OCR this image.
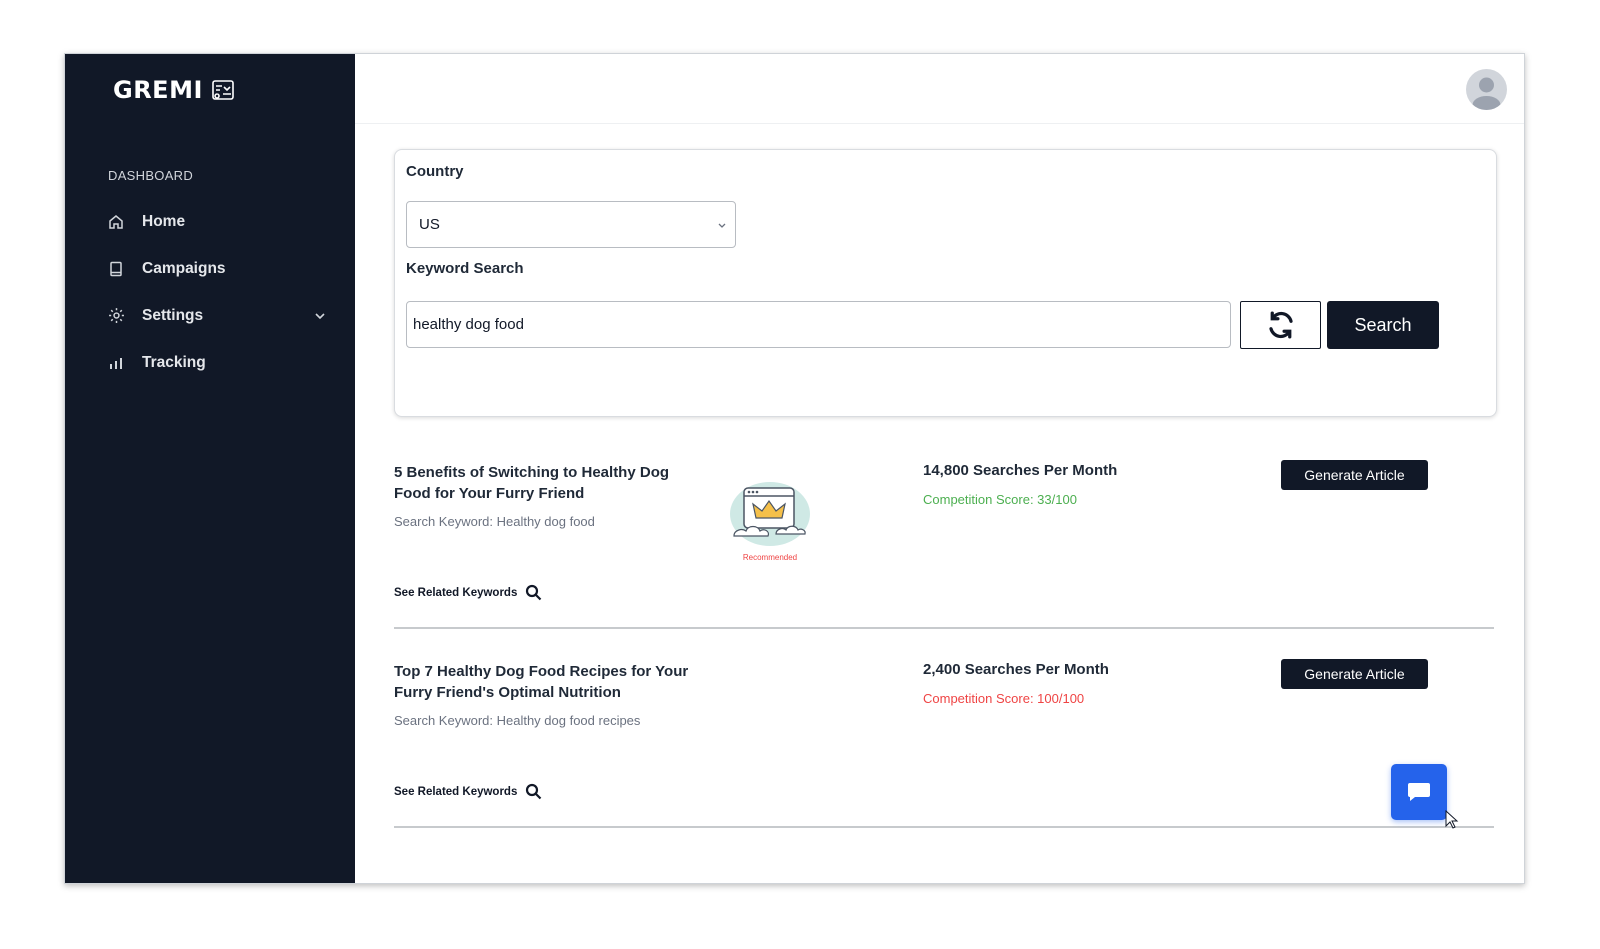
GREMI
DASHBOARD
Home
Campaigns
Settings
Tracking
Country
US
Keyword Search
healthy dog food	Search
5 Benefits of Switching to Healthy Dog Food for Your Furry Friend
Search Keyword: Healthy dog food
Recommended
14,800 Searches Per Month
Competition Score: 33/100
Generate Article
See Related Keywords
Top 7 Healthy Dog Food Recipes for Your Furry Friend's Optimal Nutrition
Search Keyword: Healthy dog food recipes
2,400 Searches Per Month
Competition Score: 100/100
Generate Article
See Related Keywords
